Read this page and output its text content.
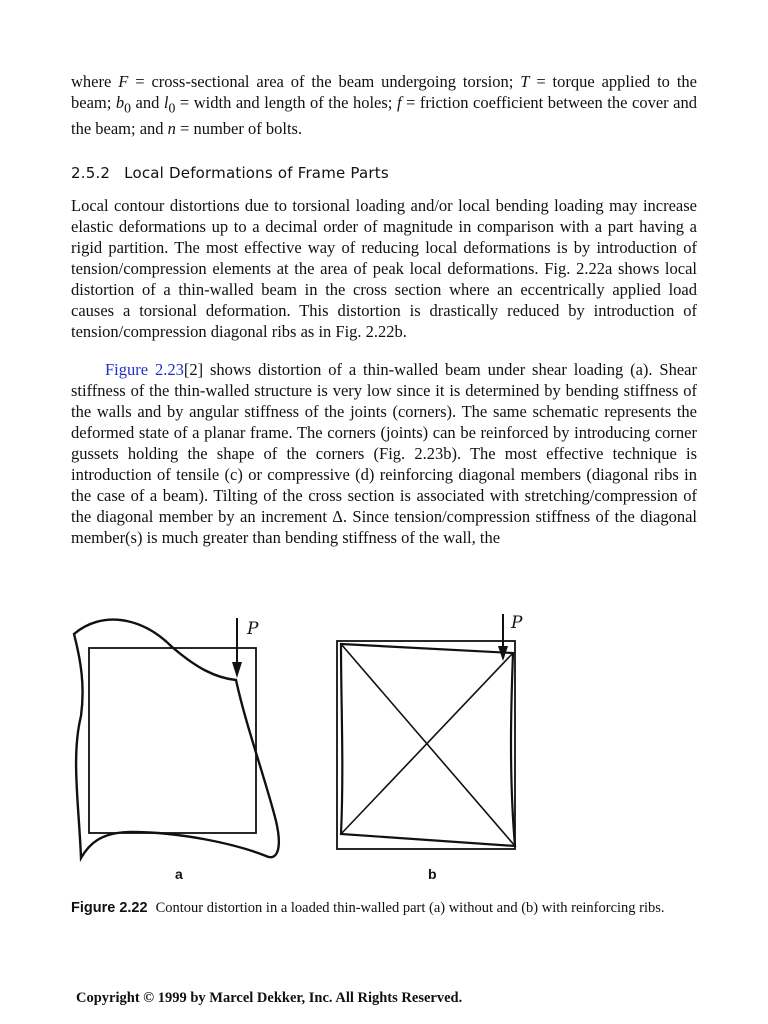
where F = cross-sectional area of the beam undergoing torsion; T = torque applied to the beam; $b_0$ and $l_0$ = width and length of the holes; f = friction coefficient between the cover and the beam; and n = number of bolts.

2.5.2 Local Deformations of Frame Parts

Local contour distortions due to torsional loading and/or local bending loading may increase elastic deformations up to a decimal order of magnitude in comparison with a part having a rigid partition. The most effective way of reducing local deformations is by introduction of tension/compression elements at the area of peak local deformations. Fig. 2.22a shows local distortion of a thin-walled beam in the cross section where an eccentrically applied load causes a torsional deformation. This distortion is drastically reduced by introduction of tension/compression diagonal ribs as in Fig. 2.22b.

Figure 2.23[2] shows distortion of a thin-walled beam under shear loading (a). Shear stiffness of the thin-walled structure is very low since it is determined by bending stiffness of the walls and by angular stiffness of the joints (corners). The same schematic represents the deformed state of a planar frame. The corners (joints) can be reinforced by introducing corner gussets holding the shape of the corners (Fig. 2.23b). The most effective technique is introduction of tensile (c) or compressive (d) reinforcing diagonal members (diagonal ribs in the case of a beam). Tilting of the cross section is associated with stretching/compression of the diagonal member by an increment Δ. Since tension/compression stiffness of the diagonal member(s) is much greater than bending stiffness of the wall, the

P	P
a	b

Figure 2.22 Contour distortion in a loaded thin-walled part (a) without and (b) with reinforcing ribs.

Copyright © 1999 by Marcel Dekker, Inc. All Rights Reserved.
